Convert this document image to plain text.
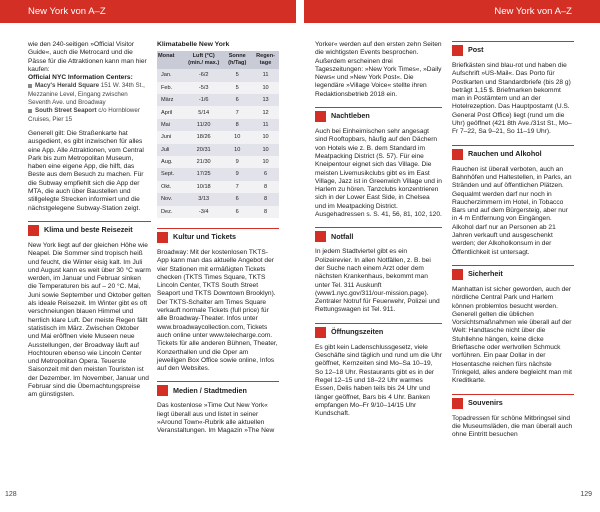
New York von A–Z	New York von A–Z

wie den 240-seitigen »Official Visitor Guide«, auch die Metrocard und die Pässe für die Attraktionen kann man hier kaufen:

Official NYC Information Centers:

Macy's Herald Square 151 W. 34th St., Mezzanine Level, Eingang zwischen Seventh Ave. und Broadway

South Street Seaport c/o Hornblower Cruises, Pier 15

Generell gilt: Die Straßenkarte hat ausgedient, es gibt inzwischen für alles eine App. Alle Attraktionen, vom Central Park bis zum Metropolitan Museum, haben eine eigene App, die hilft, das Beste aus dem Besuch zu machen. Für die Subway empfiehlt sich die App der MTA, die auch über Baustellen und stillgelegte Strecken informiert und die nächstgelegene Subway-Station zeigt.

Klima und beste Reisezeit

New York liegt auf der gleichen Höhe wie Neapel. Die Sommer sind tropisch heiß und feucht, die Winter eisig kalt. Im Juli und August kann es weit über 30 °C warm werden, im Januar und Februar sinken die Temperaturen bis auf – 20 °C. Mai, Juni sowie September und Oktober gelten als ideale Reisezeit. Im Winter gibt es oft verschneiungen blauen Himmel und herrlich klare Luft. Der meiste Regen fällt statistisch im März. Zwischen Oktober und Mai eröffnen viele Museen neue Ausstellungen, der Broadway läuft auf Hochtouren ebenso wie Lincoln Center und Metropolitan Opera. Teuerste Saisonzeit mit den meisten Touristen ist der Dezember. Im November, Januar und Februar sind die Übernachtungspreise am günstigsten.

Klimatabelle New York
Monat	Luft (°C) (min./ max.)	Sonne (h/Tag)	Regen-tage
Jan.	-6/2	5	11
Feb.	-5/3	5	10
März	-1/6	6	13
April	5/14	7	12
Mai	11/20	8	11
Juni	18/26	10	10
Juli	20/31	10	10
Aug.	21/30	9	10
Sept.	17/25	9	6
Okt.	10/18	7	8
Nov.	3/13	6	8
Dez.	-3/4	6	8
Kultur und Tickets

Broadway: Mit der kostenlosen TKTS-App kann man das aktuelle Angebot der vier Stationen mit ermäßigten Tickets checken (TKTS Times Square, TKTS Lincoln Center, TKTS South Street Seaport und TKTS Downtown Brooklyn). Der TKTS-Schalter am Times Square verkauft normale Tickets (full price) für alle Broadway-Theater. Infos unter www.broadwaycollection.com, Tickets auch online unter www.telecharge.com. Tickets für alle anderen Bühnen, Theater, Konzerthallen und die Oper am jeweiligen Box Office sowie online, Infos auf den Websites.

Medien / Stadtmedien

Das kostenlose »Time Out New York« liegt überall aus und listet in seiner »Around Town«-Rubrik alle aktuellen Veranstaltungen. Im Magazin »The New

Yorker« werden auf den ersten zehn Seiten die wichtigsten Events besprochen. Außerdem erscheinen drei Tageszeitungen: »New York Times«, »Daily News« und »New York Post«. Die legendäre »Village Voice« stellte ihren Redaktionsbetrieb 2018 ein.

Nachtleben

Auch bei Einheimischen sehr angesagt sind Rooftopbars, häufig auf den Dächern von Hotels wie z. B. dem Standard im Meatpacking District (S. 57). Für eine Kneipentour eignet sich das Village. Die meisten Livemusikclubs gibt es im East Village, Jazz ist in Greenwich Village und in Harlem zu hören. Tanzclubs konzentrieren sich in der Lower East Side, in Chelsea und im Meatpacking District. Ausgehadressen s. S. 41, 56, 81, 102, 120.

Notfall

In jedem Stadtviertel gibt es ein Polizeirevier. In allen Notfällen, z. B. bei der Suche nach einem Arzt oder dem nächsten Krankenhaus, bekommt man unter Tel. 311 Auskunft (www1.nyc.gov/311/our-mission.page). Zentraler Notruf für Feuerwehr, Polizei und Rettungswagen ist Tel. 911.

Öffnungszeiten

Es gibt kein Ladenschlussgesetz, viele Geschäfte sind täglich und rund um die Uhr geöffnet, Kernzeiten sind Mo–Sa 10–19, So 12–18 Uhr. Restaurants gibt es in der Regel 12–15 und 18–22 Uhr warmes Essen, Delis haben teils bis 24 Uhr und länger geöffnet, Bars bis 4 Uhr. Banken empfangen Mo–Fr 9/10–14/15 Uhr Kundschaft.

Post

Briefkästen sind blau-rot und haben die Aufschrift »US-Mail«. Das Porto für Postkarten und Standardbriefe (bis 28 g) beträgt 1,15 $. Briefmarken bekommt man in Postämtern und an der Hotelrezeption. Das Hauptpostamt (U.S. General Post Office) liegt (rund um die Uhr) geöffnet (421 8th Ave./31st St., Mo–Fr 7–22, Sa 9–21, So 11–19 Uhr).

Rauchen und Alkohol

Rauchen ist überall verboten, auch an Bahnhöfen und Haltestellen, in Parks, an Stränden und auf öffentlichen Plätzen. Gequalmt werden darf nur noch in Raucherzimmern im Hotel, in Tobacco Bars und auf dem Bürgersteig, aber nur in 4 m Entfernung von Eingängen. Alkohol darf nur an Personen ab 21 Jahren verkauft und ausgeschenkt werden; der Alkoholkonsum in der Öffentlichkeit ist untersagt.

Sicherheit

Manhattan ist sicher geworden, auch der nördliche Central Park und Harlem können problemlos besucht werden. Generell gelten die üblichen Vorsichtsmaßnahmen wie überall auf der Welt: Handtasche nicht über die Stuhllehne hängen, keine dicke Brieftasche oder wertvollen Schmuck vorführen. Ein paar Dollar in der Hosentasche reichen fürs nächste Trinkgeld, alles andere begleicht man mit Kreditkarte.

Souvenirs

Topadressen für schöne Mitbringsel sind die Museumsläden, die man überall auch ohne Eintritt besuchen

128	129
